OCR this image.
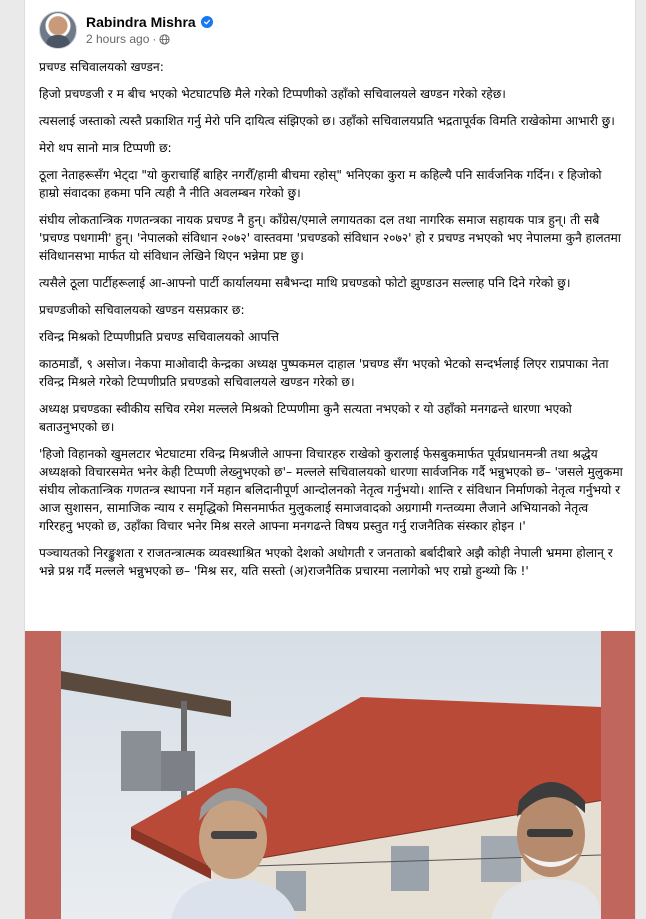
Rabindra Mishra
2 hours ago ·

प्रचण्ड सचिवालयको खण्डन:

हिजो प्रचण्डजी र म बीच भएको भेटघाटपछि मैले गरेको टिप्पणीको उहाँको सचिवालयले खण्डन गरेको रहेछ।

त्यसलाई जस्ताको त्यस्तै प्रकाशित गर्नु मेरो पनि दायित्व संझिएको छ। उहाँको सचिवालयप्रति भद्रतापूर्वक विमति राखेकोमा आभारी छु।

मेरो थप सानो मात्र टिप्पणी छ:

ठूला नेताहरूसँग भेट्दा "यो कुराचाहिँ बाहिर नगरौँ/हामी बीचमा रहोस्" भनिएका कुरा म कहिल्यै पनि सार्वजनिक गर्दिन। र हिजोको हाम्रो संवादका हकमा पनि त्यही नै नीति अवलम्बन गरेको छु।

संघीय लोकतान्त्रिक गणतन्त्रका नायक प्रचण्ड नै हुन्। काँग्रेस/एमाले लगायतका दल तथा नागरिक समाज सहायक पात्र हुन्। ती सबै 'प्रचण्ड पधगामी' हुन्। 'नेपालको संविधान २०७२' वास्तवमा 'प्रचण्डको संविधान २०७२' हो र प्रचण्ड नभएको भए नेपालमा कुनै हालतमा संविधानसभा मार्फत यो संविधान लेखिने थिएन भन्नेमा प्रष्ट छु।

त्यसैले ठूला पार्टीहरूलाई आ-आफ्नो पार्टी कार्यालयमा सबैभन्दा माथि प्रचण्डको फोटो झुण्डाउन सल्लाह पनि दिने गरेको छु।

प्रचण्डजीको सचिवालयको खण्डन यसप्रकार छ:

रविन्द्र मिश्रको टिप्पणीप्रति प्रचण्ड सचिवालयको आपत्ति

काठमाडौं, ९ असोज। नेकपा माओवादी केन्द्रका अध्यक्ष पुष्पकमल दाहाल 'प्रचण्ड सँग भएको भेटको सन्दर्भलाई लिएर राप्रपाका नेता रविन्द्र मिश्रले गरेको टिप्पणीप्रति प्रचण्डको सचिवालयले खण्डन गरेको छ।

अध्यक्ष प्रचण्डका स्वीकीय सचिव रमेश मल्लले मिश्रको टिप्पणीमा कुनै सत्यता नभएको र यो उहाँको मनगढन्ते धारणा भएको बताउनुभएको छ।

'हिजो विहानको खुमलटार भेटघाटमा रविन्द्र मिश्रजीले आफ्ना विचारहरु राखेको कुरालाई फेसबुकमार्फत पूर्वप्रधानमन्त्री तथा श्रद्धेय अध्यक्षको विचारसमेत भनेर केही टिप्पणी लेख्नुभएको छ'– मल्लले सचिवालयको धारणा सार्वजनिक गर्दै भन्नुभएको छ– 'जसले मुलुकमा संघीय लोकतान्त्रिक गणतन्त्र स्थापना गर्ने महान बलिदानीपूर्ण आन्दोलनको नेतृत्व गर्नुभयो। शान्ति र संविधान निर्माणको नेतृत्व गर्नुभयो र आज सुशासन, सामाजिक न्याय र समृद्धिको मिसनमार्फत मुलुकलाई समाजवादको अग्रगामी गन्तव्यमा लैजाने अभियानको नेतृत्व गरिरहनु भएको छ, उहाँका विचार भनेर मिश्र सरले आफ्ना मनगढन्ते विषय प्रस्तुत गर्नु राजनैतिक संस्कार होइन ।'

पञ्चायतको निरङ्कुशता र राजतन्त्रात्मक व्यवस्थाश्रित भएको देशको अधोगती र जनताको बर्बादीबारे अझै कोही नेपाली भ्रममा होलान् र भन्ने प्रश्न गर्दै मल्लले भन्नुभएको छ– 'मिश्र सर, यति सस्तो (अ)राजनैतिक प्रचारमा नलागेको भए राम्रो हुन्थ्यो कि !'
